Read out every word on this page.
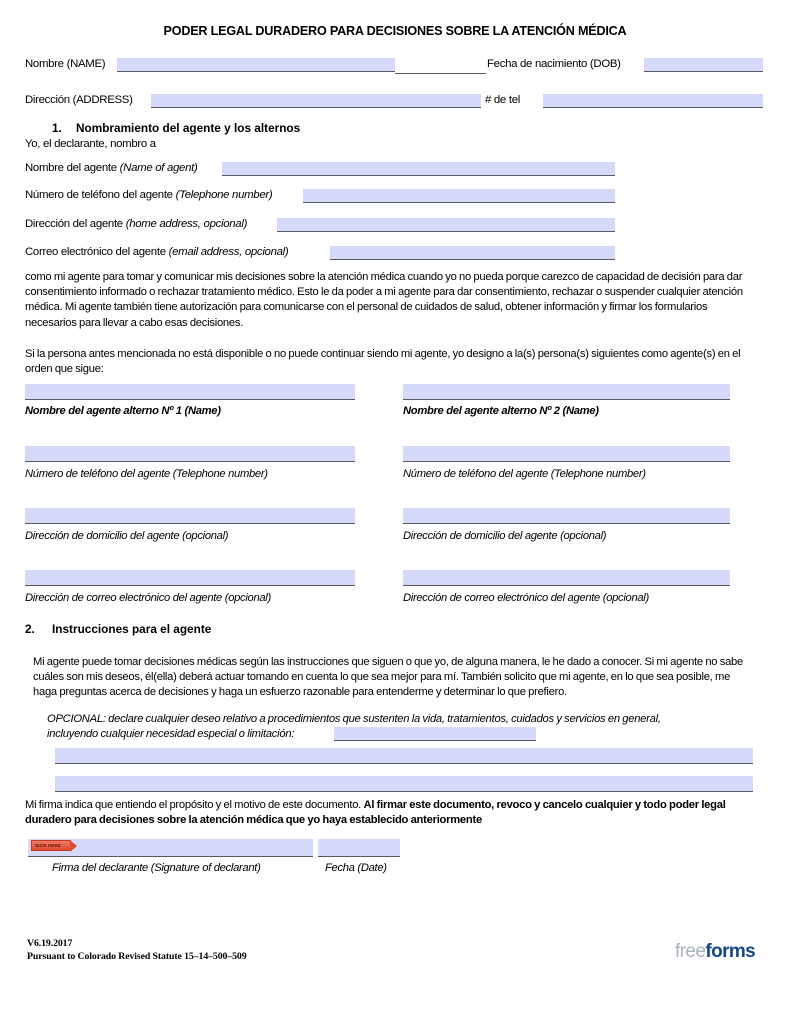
PODER LEGAL DURADERO PARA DECISIONES SOBRE LA ATENCIÓN MÉDICA
Nombre (NAME)	Fecha de nacimiento (DOB)
Dirección (ADDRESS)	# de tel
1. Nombramiento del agente y los alternos
Yo, el declarante, nombro a
Nombre del agente (Name of agent)
Número de teléfono del agente (Telephone number)
Dirección del agente (home address, opcional)
Correo electrónico del agente (email address, opcional)
como mi agente para tomar y comunicar mis decisiones sobre la atención médica cuando yo no pueda porque carezco de capacidad de decisión para dar consentimiento informado o rechazar tratamiento médico. Esto le da poder a mi agente para dar consentimiento, rechazar o suspender cualquier atención médica. Mi agente también tiene autorización para comunicarse con el personal de cuidados de salud, obtener información y firmar los formularios necesarios para llevar a cabo esas decisiones.
Si la persona antes mencionada no está disponible o no puede continuar siendo mi agente, yo designo a la(s) persona(s) siguientes como agente(s) en el orden que sigue:
Nombre del agente alterno Nº 1 (Name)	Nombre del agente alterno Nº 2 (Name)
Número de teléfono del agente (Telephone number)	Número de teléfono del agente (Telephone number)
Dirección de domicilio del agente (opcional)	Dirección de domicilio del agente (opcional)
Dirección de correo electrónico del agente (opcional)	Dirección de correo electrónico del agente (opcional)
2. Instrucciones para el agente
Mi agente puede tomar decisiones médicas según las instrucciones que siguen o que yo, de alguna manera, le he dado a conocer. Si mi agente no sabe cuáles son mis deseos, él(ella) deberá actuar tomando en cuenta lo que sea mejor para mí. También solicito que mi agente, en lo que sea posible, me haga preguntas acerca de decisiones y haga un esfuerzo razonable para entenderme y determinar lo que prefiero.
OPCIONAL: declare cualquier deseo relativo a procedimientos que sustenten la vida, tratamientos, cuidados y servicios en general,
incluyendo cualquier necesidad especial o limitación:
Mi firma indica que entiendo el propósito y el motivo de este documento. Al firmar este documento, revoco y cancelo cualquier y todo poder legal duradero para decisiones sobre la atención médica que yo haya establecido anteriormente
SIGN HERE
Firma del declarante (Signature of declarant)	Fecha (Date)
V6.19.2017
Pursuant to Colorado Revised Statute 15–14–500–509	freeforms
